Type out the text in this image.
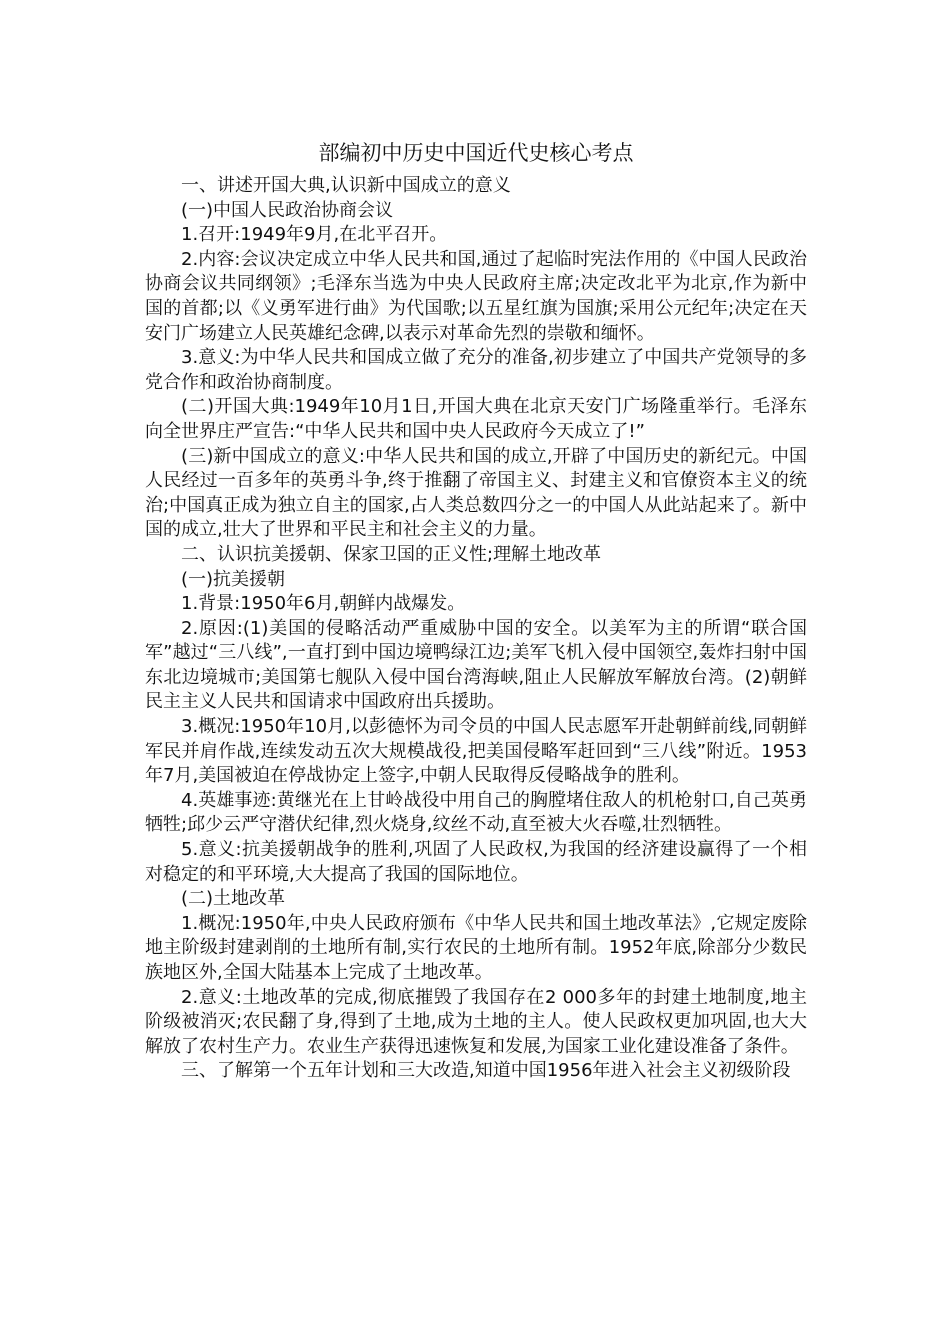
部编初中历史中国近代史核心考点

一、讲述开国大典,认识新中国成立的意义

(一)中国人民政治协商会议

1.召开:1949年9月,在北平召开。

2.内容:会议决定成立中华人民共和国,通过了起临时宪法作用的《中国人民政治协商会议共同纲领》;毛泽东当选为中央人民政府主席;决定改北平为北京,作为新中国的首都;以《义勇军进行曲》为代国歌;以五星红旗为国旗;采用公元纪年;决定在天安门广场建立人民英雄纪念碑,以表示对革命先烈的崇敬和缅怀。

3.意义:为中华人民共和国成立做了充分的准备,初步建立了中国共产党领导的多党合作和政治协商制度。

(二)开国大典:1949年10月1日,开国大典在北京天安门广场隆重举行。毛泽东向全世界庄严宣告:“中华人民共和国中央人民政府今天成立了!”

(三)新中国成立的意义:中华人民共和国的成立,开辟了中国历史的新纪元。中国人民经过一百多年的英勇斗争,终于推翻了帝国主义、封建主义和官僚资本主义的统治;中国真正成为独立自主的国家,占人类总数四分之一的中国人从此站起来了。新中国的成立,壮大了世界和平民主和社会主义的力量。

二、认识抗美援朝、保家卫国的正义性;理解土地改革

(一)抗美援朝

1.背景:1950年6月,朝鲜内战爆发。

2.原因:(1)美国的侵略活动严重威胁中国的安全。以美军为主的所谓“联合国军”越过“三八线”,一直打到中国边境鸭绿江边;美军飞机入侵中国领空,轰炸扫射中国东北边境城市;美国第七舰队入侵中国台湾海峡,阻止人民解放军解放台湾。(2)朝鲜民主主义人民共和国请求中国政府出兵援助。

3.概况:1950年10月,以彭德怀为司令员的中国人民志愿军开赴朝鲜前线,同朝鲜军民并肩作战,连续发动五次大规模战役,把美国侵略军赶回到“三八线”附近。1953年7月,美国被迫在停战协定上签字,中朝人民取得反侵略战争的胜利。

4.英雄事迹:黄继光在上甘岭战役中用自己的胸膛堵住敌人的机枪射口,自己英勇牺牲;邱少云严守潜伏纪律,烈火烧身,纹丝不动,直至被大火吞噬,壮烈牺牲。

5.意义:抗美援朝战争的胜利,巩固了人民政权,为我国的经济建设赢得了一个相对稳定的和平环境,大大提高了我国的国际地位。

(二)土地改革

1.概况:1950年,中央人民政府颁布《中华人民共和国土地改革法》,它规定废除地主阶级封建剥削的土地所有制,实行农民的土地所有制。1952年底,除部分少数民族地区外,全国大陆基本上完成了土地改革。

2.意义:土地改革的完成,彻底摧毁了我国存在2 000多年的封建土地制度,地主阶级被消灭;农民翻了身,得到了土地,成为土地的主人。使人民政权更加巩固,也大大解放了农村生产力。农业生产获得迅速恢复和发展,为国家工业化建设准备了条件。

三、了解第一个五年计划和三大改造,知道中国1956年进入社会主义初级阶段
